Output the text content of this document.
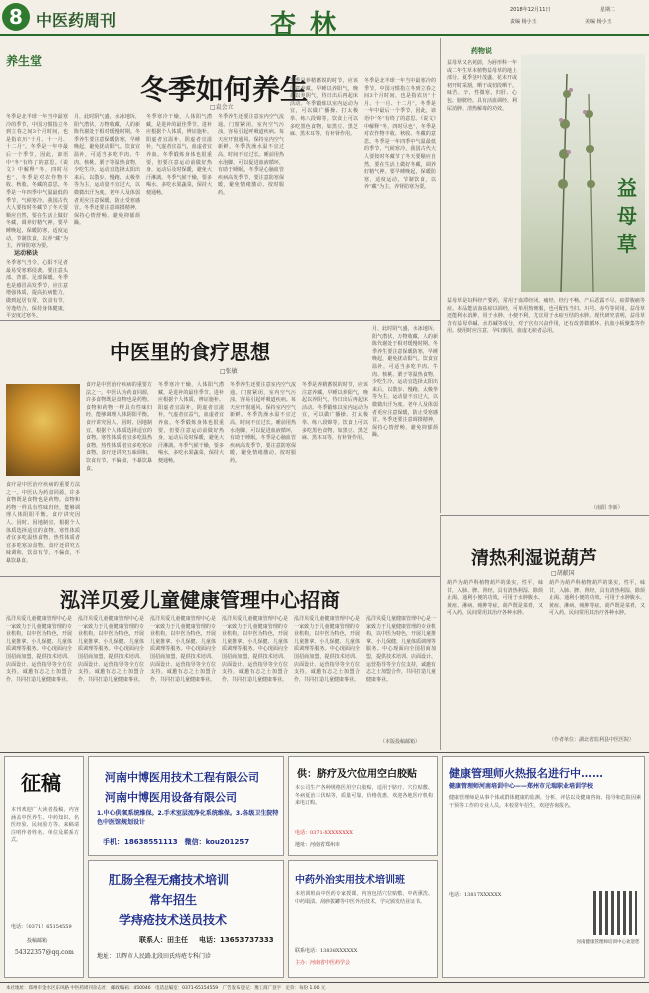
8 中医药周刊	杏林	2018年12月11日	星期二
责编 杨小玉	美编 杨小玉
养生堂
冬季如何养生
□袁会立
冬季是北半球一年当中最寒冷的季节，中国习惯指立冬到立春之间3个月时间，也是指农历“十月、十一月、十二月”。冬季是一年中最后一个季节，因此，谚语中“冬”有终了的意思。《说文》中解释“冬，四时尽也”，冬季是对农作物丰收、秋收、冬藏的意思。冬季是一年四季中气温最低的季节，气候寒冷。我国古代大人要按时冬藏节了冬天要顺应自然，要在生活上做好冬藏，调养好精气神。要早睡晚起，保暖防寒，适度运动，节制饮食，以养“藏”为主，养肾防寒为要。
运动秘诀
冬季寒气当令，心阳不足者最易受寒邪侵袭。要注意头部、背部、足部保暖。冬季也是感冒高发季节，应注意增强体质，提高抗病能力，做到起居有常，饮食有节，劳逸结合，保持身体健康，平安度过寒冬。
月，此时阴气盛，水冰地坼，阳气潜伏，万物收藏，人的新陈代谢处于相对缓慢时期。冬季养生要注意保暖防寒，早睡晚起，避免扰动阳气。饮食宜温补，可适当多吃羊肉、牛肉、核桃、栗子等温热食物，少吃生冷。运动宜选择太阳出来后，以散步、慢跑、太极拳等为主，运动量不宜过大，以微微出汗为度。老年人及体弱者更应注意保暖，防止受寒感冒。冬季还要注意调摄精神，保持心情舒畅，避免抑郁烦躁。
冬季寒冷干燥，人体阳气潜藏，是进补的最佳季节。进补应根据个人体质，辨证施补。阳虚者宜温补，阴虚者宜滋补，气虚者宜益气，血虚者宜养血。冬季锻炼身体也很重要，但要注意运动前做好热身，运动后及时保暖，避免大汗淋漓。冬季气候干燥，要多喝水，多吃水果蔬菜，保持大便通畅。
冬季养生还要注意室内空气流通。门窗紧闭，室内空气污浊，容易引起呼吸道疾病。每天应开窗通风，保持室内空气新鲜。冬季洗澡水温不宜过高，时间不宜过长。睡前用热水泡脚，可以促进血液循环，有助于睡眠。冬季是心脑血管疾病高发季节，要注意防寒保暖，避免情绪激动，按时服药。
冬季是养精蓄锐的时节，应该注意养藏。早睡以养阳气，晚起以养阴气，待日出后再起床活动。冬季锻炼以室内运动为宜，可以做广播操、打太极拳、练八段锦等。饮食上可以多吃黑色食物，如黑豆、黑芝麻、黑木耳等，有补肾作用。
冬季是北半球一年当中最寒冷的季节，中国习惯指立冬到立春之间3个月时间，也是指农历“十月、十一月、十二月”。冬季是一年中最后一个季节，因此，谚语中“冬”有终了的意思。《说文》中解释“冬，四时尽也”，冬季是对农作物丰收、秋收、冬藏的意思。冬季是一年四季中气温最低的季节，气候寒冷。我国古代大人要按时冬藏节了冬天要顺应自然，要在生活上做好冬藏，调养好精气神。要早睡晚起，保暖防寒，适度运动，节制饮食，以养“藏”为主，养肾防寒为要。
药物说
益母草又名茺蔚，为唇形科一年或二年生草本植物益母草的地上部分。夏季茎叶茂盛、花未开或初开时采割，晒干或切段晒干。味苦、辛，性微寒，归肝、心包、膀胱经。具有活血调经、利尿消肿、清热解毒的功效。
益母草
益母草是妇科经产要药，常用于血滞经闭、痛经、经行不畅、产后恶露不尽、瘀滞腹痛等症。本品能活血祛瘀以调经，可单用熬膏服，也可配伍当归、川芎、赤芍等同用。益母草还能利水消肿，用于水肿、小便不利，尤宜用于水瘀互结的水肿。现代研究表明，益母草含有益母草碱、水苏碱等成分，对子宫有兴奋作用，还有改善微循环、抗血小板聚集等作用。使用时应注意，孕妇慎用，血虚无瘀者忌用。
（南阳 李新）
中医里的食疗思想
□张敏
食疗是中医治疗疾病的重要方法之一。中医认为药食同源，许多食物既是食物也是药物。食物和药物一样具有性味归经，能够调理人体阴阳平衡。食疗讲究因人、因时、因地制宜，根据个人体质选择适宜的食物。寒性体质者宜多吃温热食物，热性体质者宜多吃寒凉食物。食疗还讲究五味调和，饮食有节，不偏食，不暴饮暴食。
食疗是中医治疗疾病的重要方法之一。中医认为药食同源，许多食物既是食物也是药物。食物和药物一样具有性味归经，能够调理人体阴阳平衡。食疗讲究因人、因时、因地制宜，根据个人体质选择适宜的食物。寒性体质者宜多吃温热食物，热性体质者宜多吃寒凉食物。食疗还讲究五味调和，饮食有节，不偏食，不暴饮暴食。
冬季寒冷干燥，人体阳气潜藏，是进补的最佳季节。进补应根据个人体质，辨证施补。阳虚者宜温补，阴虚者宜滋补，气虚者宜益气，血虚者宜养血。冬季锻炼身体也很重要，但要注意运动前做好热身，运动后及时保暖，避免大汗淋漓。冬季气候干燥，要多喝水，多吃水果蔬菜，保持大便通畅。
冬季养生还要注意室内空气流通。门窗紧闭，室内空气污浊，容易引起呼吸道疾病。每天应开窗通风，保持室内空气新鲜。冬季洗澡水温不宜过高，时间不宜过长。睡前用热水泡脚，可以促进血液循环，有助于睡眠。冬季是心脑血管疾病高发季节，要注意防寒保暖，避免情绪激动，按时服药。
冬季是养精蓄锐的时节，应该注意养藏。早睡以养阳气，晚起以养阴气，待日出后再起床活动。冬季锻炼以室内运动为宜，可以做广播操、打太极拳、练八段锦等。饮食上可以多吃黑色食物，如黑豆、黑芝麻、黑木耳等，有补肾作用。
月，此时阴气盛，水冰地坼，阳气潜伏，万物收藏，人的新陈代谢处于相对缓慢时期。冬季养生要注意保暖防寒，早睡晚起，避免扰动阳气。饮食宜温补，可适当多吃羊肉、牛肉、核桃、栗子等温热食物，少吃生冷。运动宜选择太阳出来后，以散步、慢跑、太极拳等为主，运动量不宜过大，以微微出汗为度。老年人及体弱者更应注意保暖，防止受寒感冒。冬季还要注意调摄精神，保持心情舒畅，避免抑郁烦躁。
清热利湿说葫芦
□胡献国
葫芦为葫芦科植物葫芦的果实，性平，味甘，入肺、脾、肾经。具有清热利湿、除烦止渴、通利小便的功效。可用于水肿腹水、黄疸、淋病、痈肿等症。葫芦既是菜肴，又可入药，民间常用其治疗各种水肿。
葫芦为葫芦科植物葫芦的果实，性平，味甘，入肺、脾、肾经。具有清热利湿、除烦止渴、通利小便的功效。可用于水肿腹水、黄疸、淋病、痈肿等症。葫芦既是菜肴，又可入药，民间常用其治疗各种水肿。
（作者单位：湖北省监利县中医医院）
泓洋贝爱儿童健康管理中心招商
泓洋贝爱儿童健康管理中心是一家致力于儿童健康管理的专业机构，以中医为特色，开展儿童推拿、小儿保健、儿童体质调理等服务。中心现面向全国招商加盟，提供技术培训、店面设计、运营指导等全方位支持，诚邀有志之士加盟合作，共同打造儿童健康事业。
泓洋贝爱儿童健康管理中心是一家致力于儿童健康管理的专业机构，以中医为特色，开展儿童推拿、小儿保健、儿童体质调理等服务。中心现面向全国招商加盟，提供技术培训、店面设计、运营指导等全方位支持，诚邀有志之士加盟合作，共同打造儿童健康事业。
泓洋贝爱儿童健康管理中心是一家致力于儿童健康管理的专业机构，以中医为特色，开展儿童推拿、小儿保健、儿童体质调理等服务。中心现面向全国招商加盟，提供技术培训、店面设计、运营指导等全方位支持，诚邀有志之士加盟合作，共同打造儿童健康事业。
泓洋贝爱儿童健康管理中心是一家致力于儿童健康管理的专业机构，以中医为特色，开展儿童推拿、小儿保健、儿童体质调理等服务。中心现面向全国招商加盟，提供技术培训、店面设计、运营指导等全方位支持，诚邀有志之士加盟合作，共同打造儿童健康事业。
泓洋贝爱儿童健康管理中心是一家致力于儿童健康管理的专业机构，以中医为特色，开展儿童推拿、小儿保健、儿童体质调理等服务。中心现面向全国招商加盟，提供技术培训、店面设计、运营指导等全方位支持，诚邀有志之士加盟合作，共同打造儿童健康事业。
泓洋贝爱儿童健康管理中心是一家致力于儿童健康管理的专业机构，以中医为特色，开展儿童推拿、小儿保健、儿童体质调理等服务。中心现面向全国招商加盟，提供技术培训、店面设计、运营指导等全方位支持，诚邀有志之士加盟合作，共同打造儿童健康事业。
（本版投稿邮箱）
征稿
本刊欢迎广大读者投稿，内容涵盖中医养生、中药知识、名医经验、民间验方等。来稿请注明作者姓名、单位及联系方式。
电话：（0371）65154559
投稿邮箱
54322357@qq.com
河南中博医用技术工程有限公司
河南中博医用设备有限公司
1.中心供氧系统维保。2.手术室层流净化系统维保。3.各级卫生院特色中医馆规划设计
手机：18638551113　微信：kou201257
肛肠全程无痛技术培训
常年招生
学痔疮技术送员技术
联系人：田主任 电话：13653737333
地址：卫辉市人民路北段田氏痔疮专科门诊
供：脐疗及穴位用空白胶贴
本公司生产各种规格医用空白胶贴，适用于脐疗、穴位贴敷、冬病夏治三伏贴等，质量可靠，价格优惠，欢迎各地医疗机构来电订购。
电话：0371-XXXXXXXX
地址：河南省郑州市
中药外治实用技术培训班
本培训班由中医药专家授课，内容包括穴位贴敷、中药熏洗、中药塌渍、刮痧拔罐等中医外治技术，学完颁发结业证书。
联系电话：13838XXXXXX
主办：河南省中医药学会
健康管理师火热报名进行中……
健康管理师河南培训中心——郑州市元瑞职业培训学校
健康管理师是从事个体或群体健康的监测、分析、评估以及健康咨询、指导和危险因素干预等工作的专业人员。本校常年招生，欢迎咨询报名。
电话：13817XXXXXX
河南健康管理师培训中心欢迎您
本社地址：郑州市金水区东风路 中医药周刊杂志社　邮政编码：450046　电话总编室：0371-65154559　广告发布登记：豫工商广登字　定价：每份 1.00 元
